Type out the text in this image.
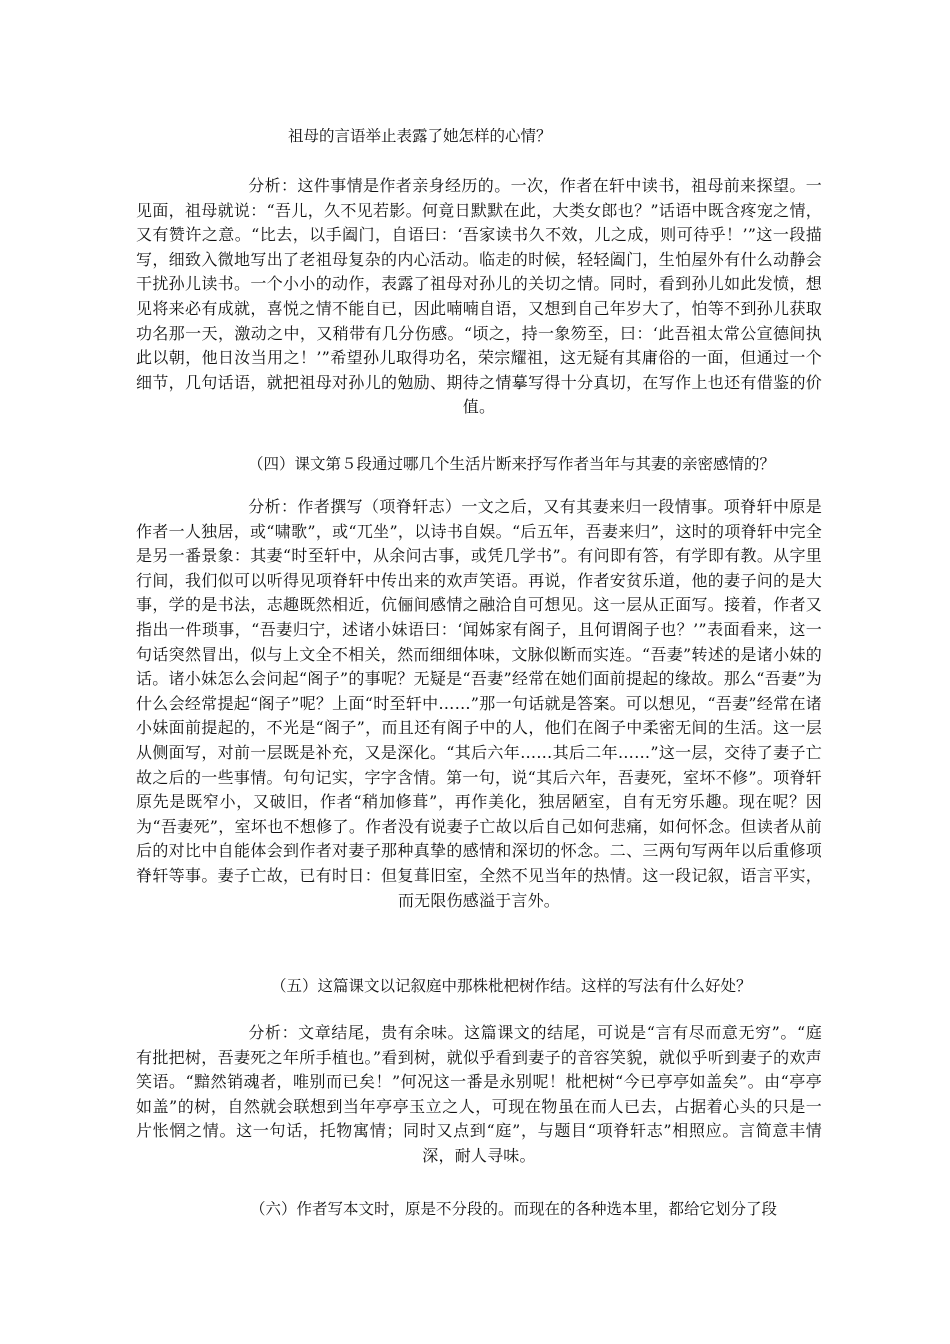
祖母的言语举止表露了她怎样的心情？
分析：这件事情是作者亲身经历的。一次，作者在轩中读书，祖母前来探望。一见面，祖母就说：“吾儿，久不见若影。何竟日默默在此，大类女郎也？”话语中既含疼宠之情，又有赞许之意。“比去，以手阖门，自语曰：‘吾家读书久不效，儿之成，则可待乎！’”这一段描写，细致入微地写出了老祖母复杂的内心活动。临走的时候，轻轻阖门，生怕屋外有什么动静会干扰孙儿读书。一个小小的动作，表露了祖母对孙儿的关切之情。同时，看到孙儿如此发愤，想见将来必有成就，喜悦之情不能自已，因此喃喃自语，又想到自己年岁大了，怕等不到孙儿获取功名那一天，激动之中，又稍带有几分伤感。“顷之，持一象笏至，曰：‘此吾祖太常公宣德间执此以朝，他日汝当用之！’”希望孙儿取得功名，荣宗耀祖，这无疑有其庸俗的一面，但通过一个细节，几句话语，就把祖母对孙儿的勉励、期待之情摹写得十分真切，在写作上也还有借鉴的价值。
（四）课文第５段通过哪几个生活片断来抒写作者当年与其妻的亲密感情的？
分析：作者撰写（项脊轩志）一文之后，又有其妻来归一段情事。项脊轩中原是作者一人独居，或“啸歌”，或“兀坐”，以诗书自娱。“后五年，吾妻来归”，这时的项脊轩中完全是另一番景象：其妻“时至轩中，从余问古事，或凭几学书”。有问即有答，有学即有教。从字里行间，我们似可以听得见项脊轩中传出来的欢声笑语。再说，作者安贫乐道，他的妻子问的是大事，学的是书法，志趣既然相近，伉俪间感情之融洽自可想见。这一层从正面写。接着，作者又指出一件琐事，“吾妻归宁，述诸小妹语曰：‘闻姊家有阁子，且何谓阁子也？’”表面看来，这一句话突然冒出，似与上文全不相关，然而细细体味，文脉似断而实连。“吾妻”转述的是诸小妹的话。诸小妹怎么会问起“阁子”的事呢？无疑是“吾妻”经常在她们面前提起的缘故。那么“吾妻”为什么会经常提起“阁子”呢？上面“时至轩中……”那一句话就是答案。可以想见，“吾妻”经常在诸小妹面前提起的，不光是“阁子”，而且还有阁子中的人，他们在阁子中柔密无间的生活。这一层从侧面写，对前一层既是补充，又是深化。“其后六年……其后二年……”这一层，交待了妻子亡故之后的一些事情。句句记实，字字含情。第一句，说“其后六年，吾妻死，室坏不修”。项脊轩原先是既窄小，又破旧，作者“稍加修葺”，再作美化，独居陋室，自有无穷乐趣。现在呢？因为“吾妻死”，室坏也不想修了。作者没有说妻子亡故以后自己如何悲痛，如何怀念。但读者从前后的对比中自能体会到作者对妻子那种真挚的感情和深切的怀念。二、三两句写两年以后重修项脊轩等事。妻子亡故，已有时日：但复葺旧室，全然不见当年的热情。这一段记叙，语言平实，而无限伤感溢于言外。
（五）这篇课文以记叙庭中那株枇杷树作结。这样的写法有什么好处？
分析：文章结尾，贵有余味。这篇课文的结尾，可说是“言有尽而意无穷”。“庭有批把树，吾妻死之年所手植也。”看到树，就似乎看到妻子的音容笑貌，就似乎听到妻子的欢声笑语。“黯然销魂者，唯别而已矣！”何况这一番是永别呢！枇杷树“今已亭亭如盖矣”。由“亭亭如盖”的树，自然就会联想到当年亭亭玉立之人，可现在物虽在而人已去，占据着心头的只是一片怅惘之情。这一句话，托物寓情；同时又点到“庭”，与题目“项脊轩志”相照应。言简意丰情深，耐人寻味。
（六）作者写本文时，原是不分段的。而现在的各种选本里，都给它划分了段
